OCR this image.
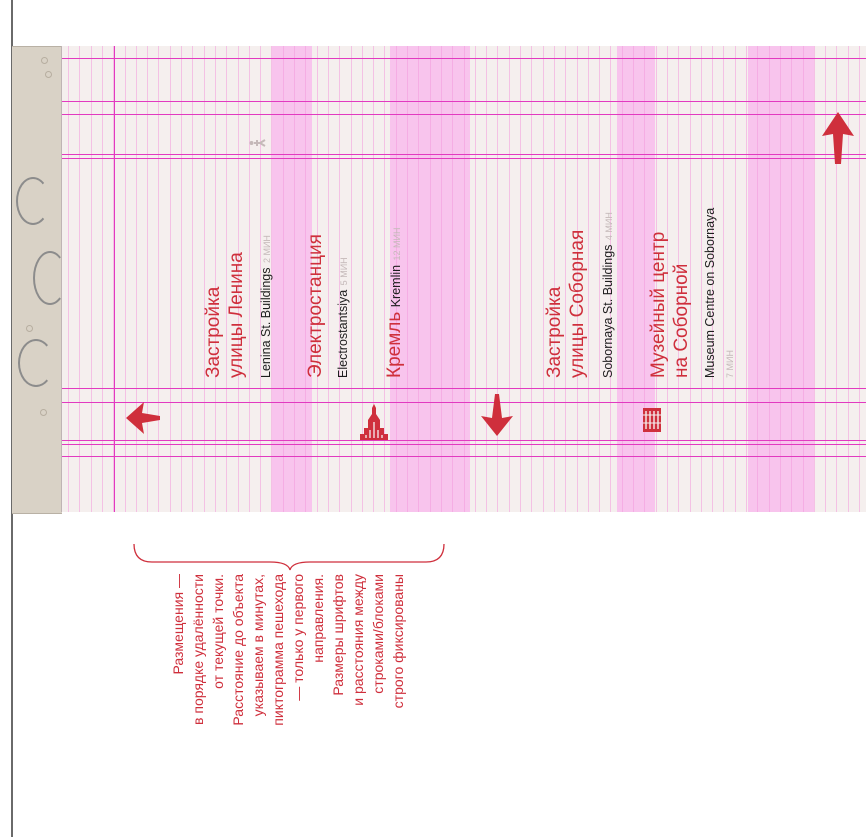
Застройка улицы Ленина Lenina St. Buildings 2 МИН Электростанция Electrostantsiya 5 МИН
Кремль Kremlin 12 МИН
Застройка улицы Соборная Sobornaya St. Buildings 4 МИН
Музейный центр на Соборной Museum Centre on Sobornaya 7 МИН
Размещения — в порядке удалённости от текущей точки. Расстояние до объекта указываем в минутах, пиктограмма пешехода — только у первого направления. Размеры шрифтов и расстояния между строками/блоками строго фиксированы
